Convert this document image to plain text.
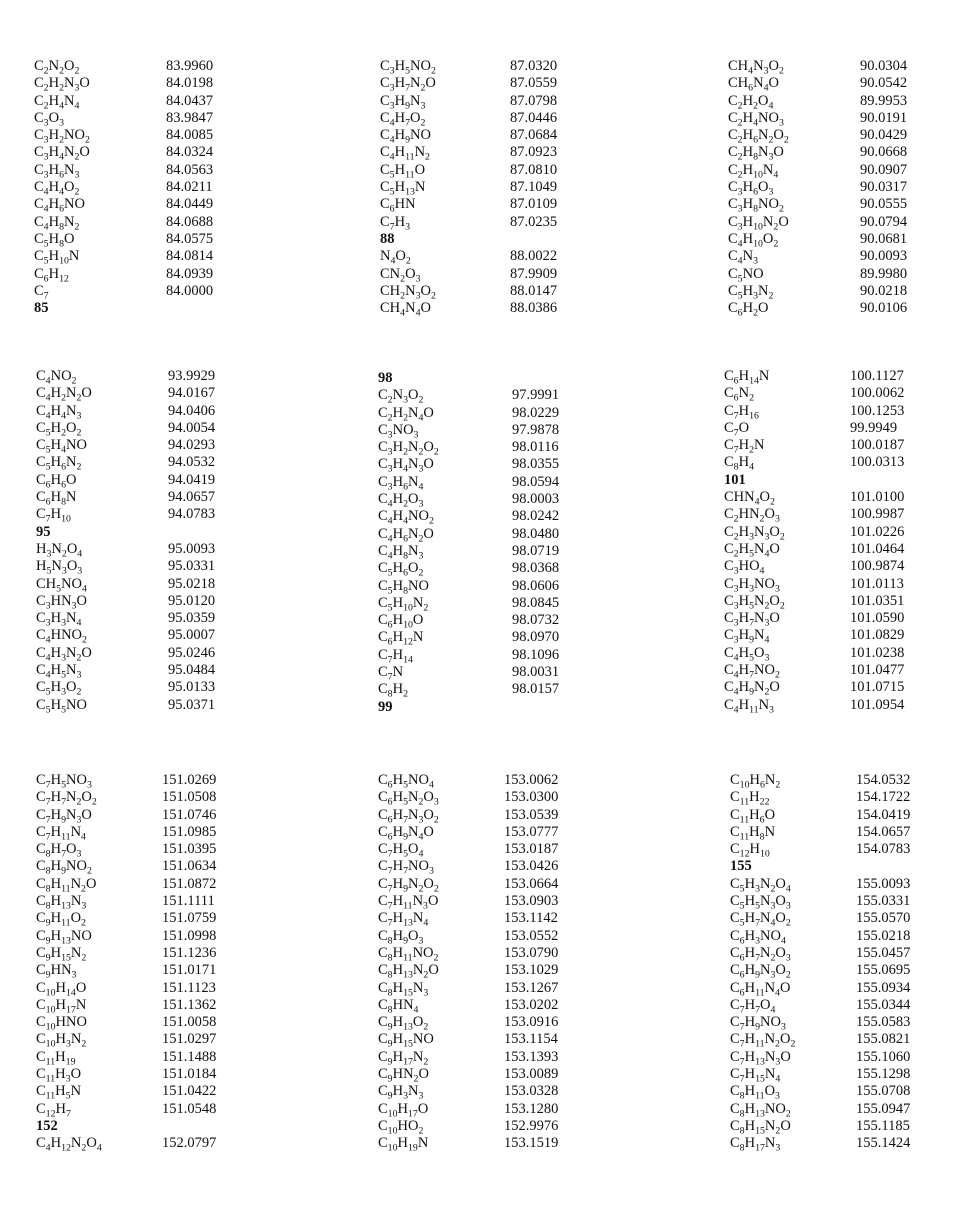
$C_2N_2O_2$	83.9960
$C_2H_2N_3O$	84.0198
$C_2H_4N_4$	84.0437
$C_3O_3$	83.9847
$C_3H_2NO_2$	84.0085
$C_3H_4N_2O$	84.0324
$C_3H_6N_3$	84.0563
$C_4H_4O_2$	84.0211
$C_4H_6NO$	84.0449
$C_4H_8N_2$	84.0688
$C_5H_8O$	84.0575
$C_5H_{10}N$	84.0814
$C_6H_{12}$	84.0939
$C_7$	84.0000
85
$C_3H_5NO_2$	87.0320
$C_3H_7N_2O$	87.0559
$C_3H_9N_3$	87.0798
$C_4H_7O_2$	87.0446
$C_4H_9NO$	87.0684
$C_4H_{11}N_2$	87.0923
$C_5H_{11}O$	87.0810
$C_5H_{13}N$	87.1049
$C_6HN$	87.0109
$C_7H_3$	87.0235
88
$N_4O_2$	88.0022
$CN_2O_3$	87.9909
$CH_2N_3O_2$	88.0147
$CH_4N_4O$	88.0386
$CH_4N_3O_2$	90.0304
$CH_6N_4O$	90.0542
$C_2H_2O_4$	89.9953
$C_2H_4NO_3$	90.0191
$C_2H_6N_2O_2$	90.0429
$C_2H_8N_3O$	90.0668
$C_2H_{10}N_4$	90.0907
$C_3H_6O_3$	90.0317
$C_3H_8NO_2$	90.0555
$C_3H_{10}N_2O$	90.0794
$C_4H_{10}O_2$	90.0681
$C_4N_3$	90.0093
$C_5NO$	89.9980
$C_5H_3N_2$	90.0218
$C_6H_2O$	90.0106
$C_4NO_2$	93.9929
$C_4H_2N_2O$	94.0167
$C_4H_4N_3$	94.0406
$C_5H_2O_2$	94.0054
$C_5H_4NO$	94.0293
$C_5H_6N_2$	94.0532
$C_6H_6O$	94.0419
$C_6H_8N$	94.0657
$C_7H_{10}$	94.0783
95
$H_3N_2O_4$	95.0093
$H_5N_3O_3$	95.0331
$CH_5NO_4$	95.0218
$C_3HN_3O$	95.0120
$C_3H_3N_4$	95.0359
$C_4HNO_2$	95.0007
$C_4H_3N_2O$	95.0246
$C_4H_5N_3$	95.0484
$C_5H_3O_2$	95.0133
$C_5H_5NO$	95.0371
98
$C_2N_3O_2$	97.9991
$C_2H_2N_4O$	98.0229
$C_3NO_3$	97.9878
$C_3H_2N_2O_2$	98.0116
$C_3H_4N_3O$	98.0355
$C_3H_6N_4$	98.0594
$C_4H_2O_3$	98.0003
$C_4H_4NO_2$	98.0242
$C_4H_6N_2O$	98.0480
$C_4H_8N_3$	98.0719
$C_5H_6O_2$	98.0368
$C_5H_8NO$	98.0606
$C_5H_{10}N_2$	98.0845
$C_6H_{10}O$	98.0732
$C_6H_{12}N$	98.0970
$C_7H_{14}$	98.1096
$C_7N$	98.0031
$C_8H_2$	98.0157
99
$C_6H_{14}N$	100.1127
$C_6N_2$	100.0062
$C_7H_{16}$	100.1253
$C_7O$	99.9949
$C_7H_2N$	100.0187
$C_8H_4$	100.0313
101
$CHN_4O_2$	101.0100
$C_2HN_2O_3$	100.9987
$C_2H_3N_3O_2$	101.0226
$C_2H_5N_4O$	101.0464
$C_3HO_4$	100.9874
$C_3H_3NO_3$	101.0113
$C_3H_5N_2O_2$	101.0351
$C_3H_7N_3O$	101.0590
$C_3H_9N_4$	101.0829
$C_4H_5O_3$	101.0238
$C_4H_7NO_2$	101.0477
$C_4H_9N_2O$	101.0715
$C_4H_{11}N_3$	101.0954
$C_7H_5NO_3$	151.0269
$C_7H_7N_2O_2$	151.0508
$C_7H_9N_3O$	151.0746
$C_7H_{11}N_4$	151.0985
$C_8H_7O_3$	151.0395
$C_8H_9NO_2$	151.0634
$C_8H_{11}N_2O$	151.0872
$C_8H_{13}N_3$	151.1111
$C_9H_{11}O_2$	151.0759
$C_9H_{13}NO$	151.0998
$C_9H_{15}N_2$	151.1236
$C_9HN_3$	151.0171
$C_{10}H_{14}O$	151.1123
$C_{10}H_{17}N$	151.1362
$C_{10}HNO$	151.0058
$C_{10}H_3N_2$	151.0297
$C_{11}H_{19}$	151.1488
$C_{11}H_3O$	151.0184
$C_{11}H_5N$	151.0422
$C_{12}H_7$	151.0548
152
$C_4H_{12}N_2O_4$	152.0797
$C_6H_5NO_4$	153.0062
$C_6H_5N_2O_3$	153.0300
$C_6H_7N_3O_2$	153.0539
$C_6H_9N_4O$	153.0777
$C_7H_5O_4$	153.0187
$C_7H_7NO_3$	153.0426
$C_7H_9N_2O_2$	153.0664
$C_7H_{11}N_3O$	153.0903
$C_7H_{13}N_4$	153.1142
$C_8H_9O_3$	153.0552
$C_8H_{11}NO_2$	153.0790
$C_8H_{13}N_2O$	153.1029
$C_8H_{15}N_3$	153.1267
$C_8HN_4$	153.0202
$C_9H_{13}O_2$	153.0916
$C_9H_{15}NO$	153.1154
$C_9H_{17}N_2$	153.1393
$C_9HN_2O$	153.0089
$C_9H_3N_3$	153.0328
$C_{10}H_{17}O$	153.1280
$C_{10}HO_2$	152.9976
$C_{10}H_{19}N$	153.1519
$C_{10}H_6N_2$	154.0532
$C_{11}H_{22}$	154.1722
$C_{11}H_6O$	154.0419
$C_{11}H_8N$	154.0657
$C_{12}H_{10}$	154.0783
155
$C_5H_3N_2O_4$	155.0093
$C_5H_5N_3O_3$	155.0331
$C_5H_7N_4O_2$	155.0570
$C_6H_3NO_4$	155.0218
$C_6H_7N_2O_3$	155.0457
$C_6H_9N_3O_2$	155.0695
$C_6H_{11}N_4O$	155.0934
$C_7H_7O_4$	155.0344
$C_7H_9NO_3$	155.0583
$C_7H_{11}N_2O_2$	155.0821
$C_7H_{13}N_3O$	155.1060
$C_7H_{15}N_4$	155.1298
$C_8H_{11}O_3$	155.0708
$C_8H_{13}NO_2$	155.0947
$C_8H_{15}N_2O$	155.1185
$C_8H_{17}N_3$	155.1424
